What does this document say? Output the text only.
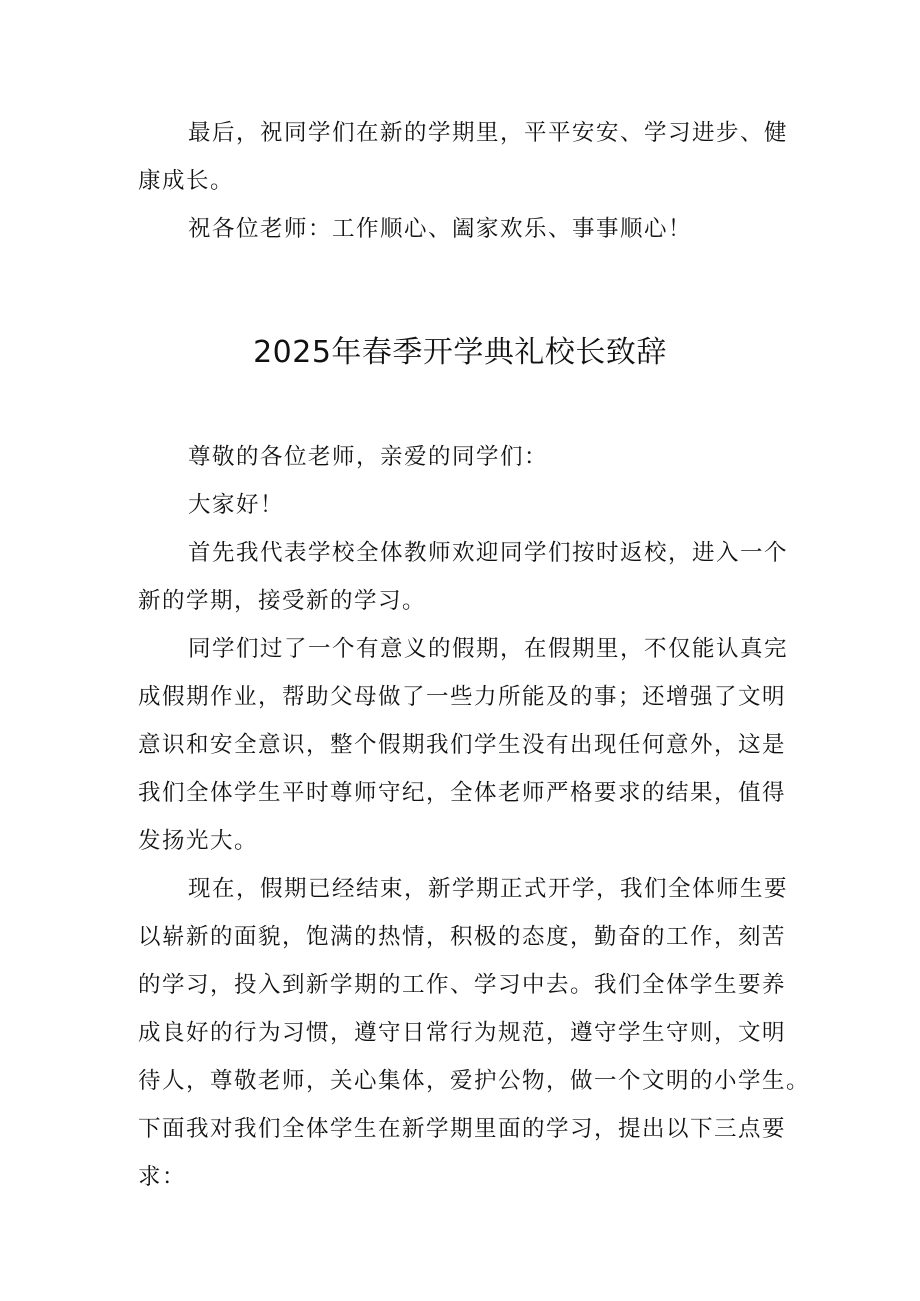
最后，祝同学们在新的学期里，平平安安、学习进步、健
康成长。
祝各位老师：工作顺心、阖家欢乐、事事顺心！
2025年春季开学典礼校长致辞
尊敬的各位老师，亲爱的同学们：
大家好！
首先我代表学校全体教师欢迎同学们按时返校，进入一个
新的学期，接受新的学习。
同学们过了一个有意义的假期，在假期里，不仅能认真完
成假期作业，帮助父母做了一些力所能及的事；还增强了文明
意识和安全意识，整个假期我们学生没有出现任何意外，这是
我们全体学生平时尊师守纪，全体老师严格要求的结果，值得
发扬光大。
现在，假期已经结束，新学期正式开学，我们全体师生要
以崭新的面貌，饱满的热情，积极的态度，勤奋的工作，刻苦
的学习，投入到新学期的工作、学习中去。我们全体学生要养
成良好的行为习惯，遵守日常行为规范，遵守学生守则，文明
待人，尊敬老师，关心集体，爱护公物，做一个文明的小学生。
下面我对我们全体学生在新学期里面的学习，提出以下三点要
求：
